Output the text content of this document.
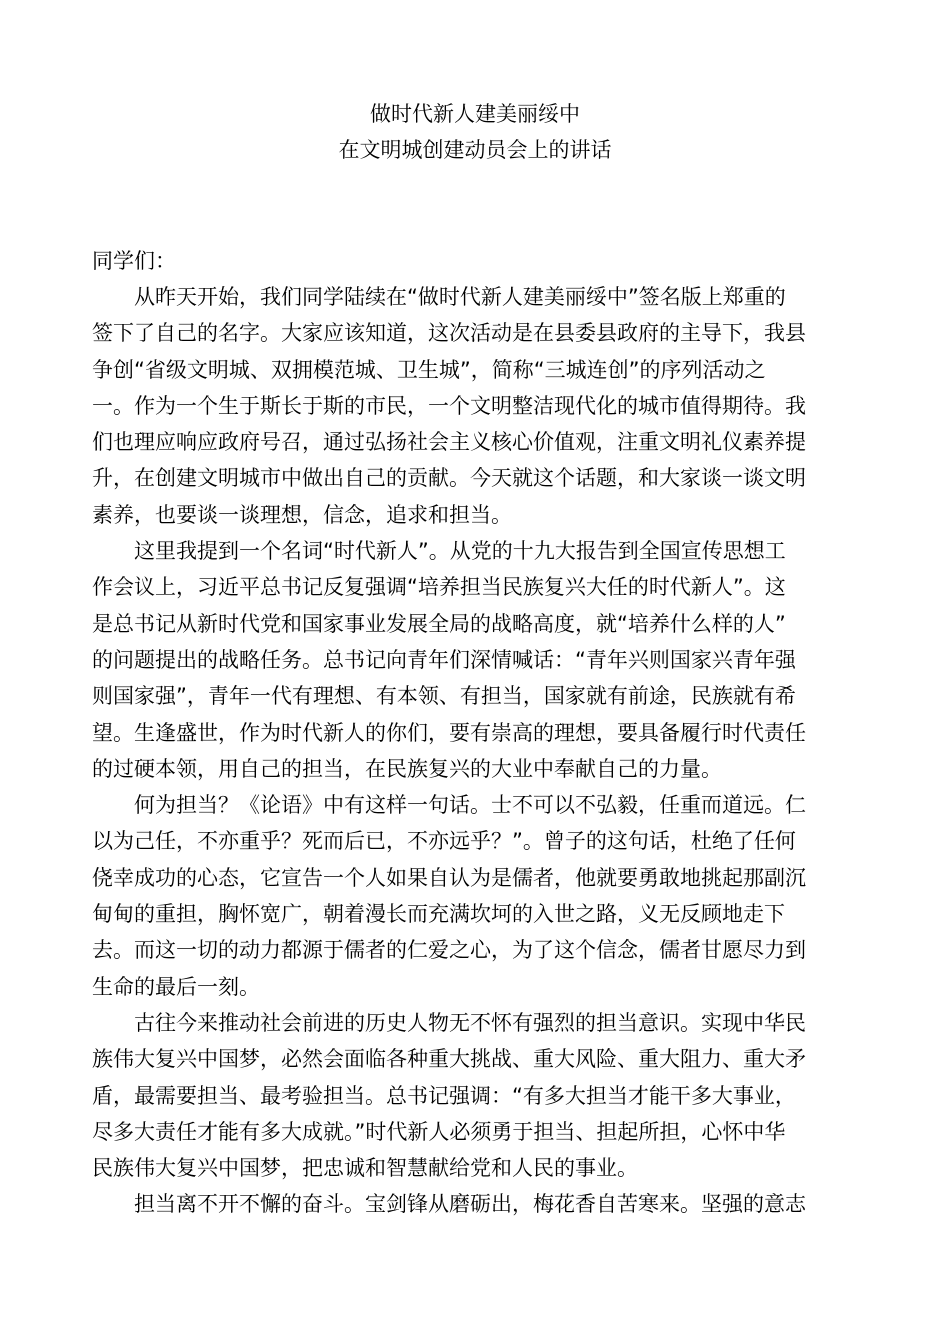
做时代新人建美丽绥中
在文明城创建动员会上的讲话
同学们：
从昨天开始，我们同学陆续在“做时代新人建美丽绥中”签名版上郑重的
签下了自己的名字。大家应该知道，这次活动是在县委县政府的主导下，我县
争创“省级文明城、双拥模范城、卫生城”，简称“三城连创”的序列活动之
一。作为一个生于斯长于斯的市民，一个文明整洁现代化的城市值得期待。我
们也理应响应政府号召，通过弘扬社会主义核心价值观，注重文明礼仪素养提
升，在创建文明城市中做出自己的贡献。今天就这个话题，和大家谈一谈文明
素养，也要谈一谈理想，信念，追求和担当。
这里我提到一个名词“时代新人”。从党的十九大报告到全国宣传思想工
作会议上，习近平总书记反复强调“培养担当民族复兴大任的时代新人”。这
是总书记从新时代党和国家事业发展全局的战略高度，就“培养什么样的人”
的问题提出的战略任务。总书记向青年们深情喊话：“青年兴则国家兴青年强
则国家强”，青年一代有理想、有本领、有担当，国家就有前途，民族就有希
望。生逢盛世，作为时代新人的你们，要有崇高的理想，要具备履行时代责任
的过硬本领，用自己的担当，在民族复兴的大业中奉献自己的力量。
何为担当？《论语》中有这样一句话。士不可以不弘毅，任重而道远。仁
以为己任，不亦重乎？死而后已，不亦远乎？”。曾子的这句话，杜绝了任何
侥幸成功的心态，它宣告一个人如果自认为是儒者，他就要勇敢地挑起那副沉
甸甸的重担，胸怀宽广，朝着漫长而充满坎坷的入世之路，义无反顾地走下
去。而这一切的动力都源于儒者的仁爱之心，为了这个信念，儒者甘愿尽力到
生命的最后一刻。
古往今来推动社会前进的历史人物无不怀有强烈的担当意识。实现中华民
族伟大复兴中国梦，必然会面临各种重大挑战、重大风险、重大阻力、重大矛
盾，最需要担当、最考验担当。总书记强调：“有多大担当才能干多大事业，
尽多大责任才能有多大成就。”时代新人必须勇于担当、担起所担，心怀中华
民族伟大复兴中国梦，把忠诚和智慧献给党和人民的事业。
担当离不开不懈的奋斗。宝剑锋从磨砺出，梅花香自苦寒来。坚强的意志
